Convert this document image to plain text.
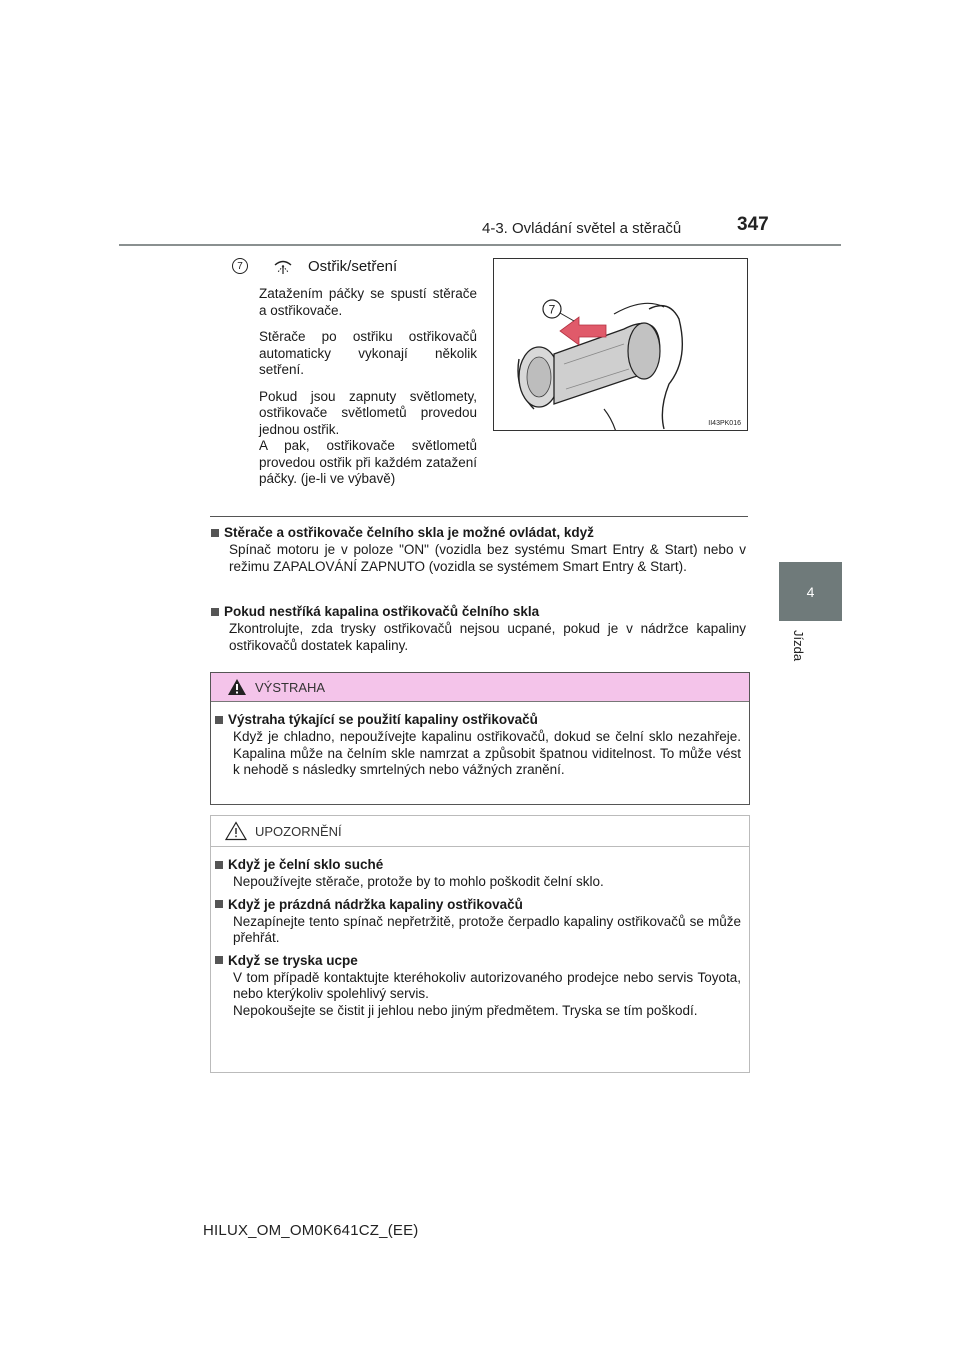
4-3. Ovládání světel a stěračů	347
4
Jízda
7	Ostřik/setření

Zatažením páčky se spustí stěrače a ostřikovače.

Stěrače po ostřiku ostřikovačů automaticky vykonají několik setření.

Pokud jsou zapnuty světlomety, ostřikovače světlometů provedou jednou ostřik.
A pak, ostřikovače světlometů provedou ostřik při každém zatažení páčky. (je-li ve výbavě)

7
II43PK016
Stěrače a ostřikovače čelního skla je možné ovládat, když
Spínač motoru je v poloze "ON" (vozidla bez systému Smart Entry & Start) nebo v režimu ZAPALOVÁNÍ ZAPNUTO (vozidla se systémem Smart Entry & Start).
Pokud nestříká kapalina ostřikovačů čelního skla
Zkontrolujte, zda trysky ostřikovačů nejsou ucpané, pokud je v nádržce kapaliny ostřikovačů dostatek kapaliny.
VÝSTRAHA
Výstraha týkající se použití kapaliny ostřikovačů
Když je chladno, nepoužívejte kapalinu ostřikovačů, dokud se čelní sklo nezahřeje. Kapalina může na čelním skle namrzat a způsobit špatnou viditelnost. To může vést k nehodě s následky smrtelných nebo vážných zranění.
UPOZORNĚNÍ
Když je čelní sklo suché
Nepoužívejte stěrače, protože by to mohlo poškodit čelní sklo.
Když je prázdná nádržka kapaliny ostřikovačů
Nezapínejte tento spínač nepřetržitě, protože čerpadlo kapaliny ostřikovačů se může přehřát.
Když se tryska ucpe
V tom případě kontaktujte kteréhokoliv autorizovaného prodejce nebo servis Toyota, nebo kterýkoliv spolehlivý servis.
Nepokoušejte se čistit ji jehlou nebo jiným předmětem. Tryska se tím poškodí.
HILUX_OM_OM0K641CZ_(EE)
